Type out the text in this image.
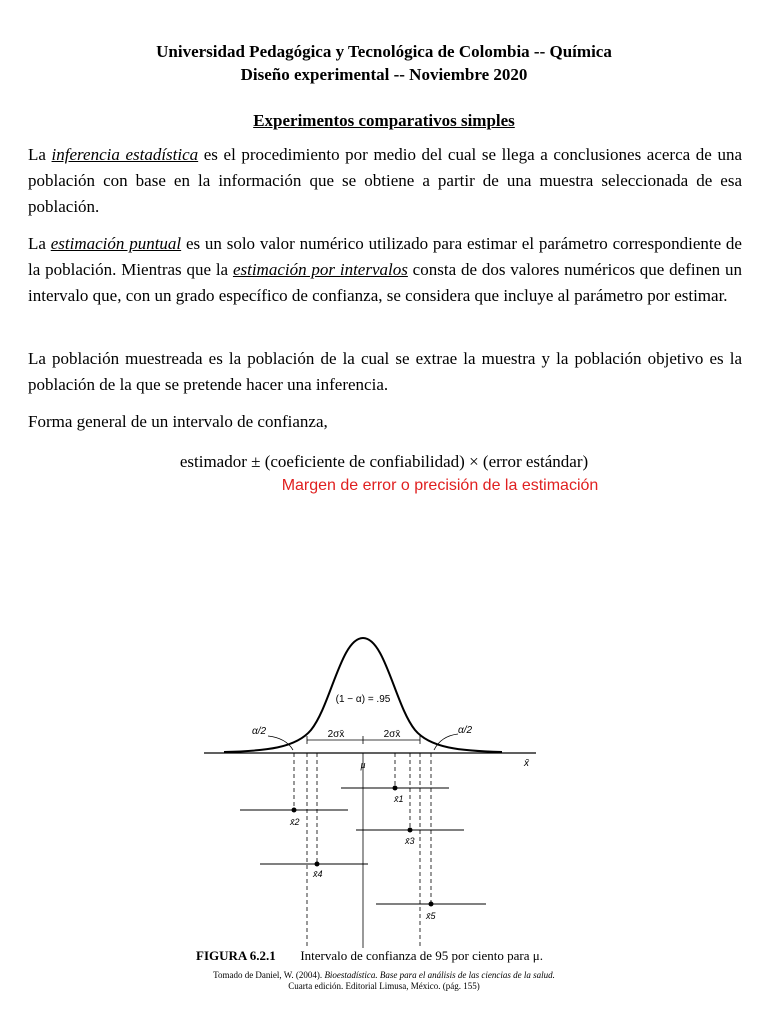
Universidad Pedagógica y Tecnológica de Colombia -- Química
Diseño experimental -- Noviembre 2020
Experimentos comparativos simples
La inferencia estadística es el procedimiento por medio del cual se llega a conclusiones acerca de una población con base en la información que se obtiene a partir de una muestra seleccionada de esa población.
La estimación puntual es un solo valor numérico utilizado para estimar el parámetro correspondiente de la población. Mientras que la estimación por intervalos consta de dos valores numéricos que definen un intervalo que, con un grado específico de confianza, se considera que incluye al parámetro por estimar.
La población muestreada es la población de la cual se extrae la muestra y la población objetivo es la población de la que se pretende hacer una inferencia.
Forma general de un intervalo de confianza,
estimador ± (coeficiente de confiabilidad) × (error estándar)
Margen de error o precisión de la estimación
(1 − α) = .95
α/2	α/2
2σx̄	2σx̄
μ	x̄
x̄1
x̄2
x̄3
x̄4
x̄5
FIGURA 6.2.1 Intervalo de confianza de 95 por ciento para μ.
Tomado de Daniel, W. (2004). Bioestadística. Base para el análisis de las ciencias de la salud.
Cuarta edición. Editorial Limusa, México. (pág. 155)
